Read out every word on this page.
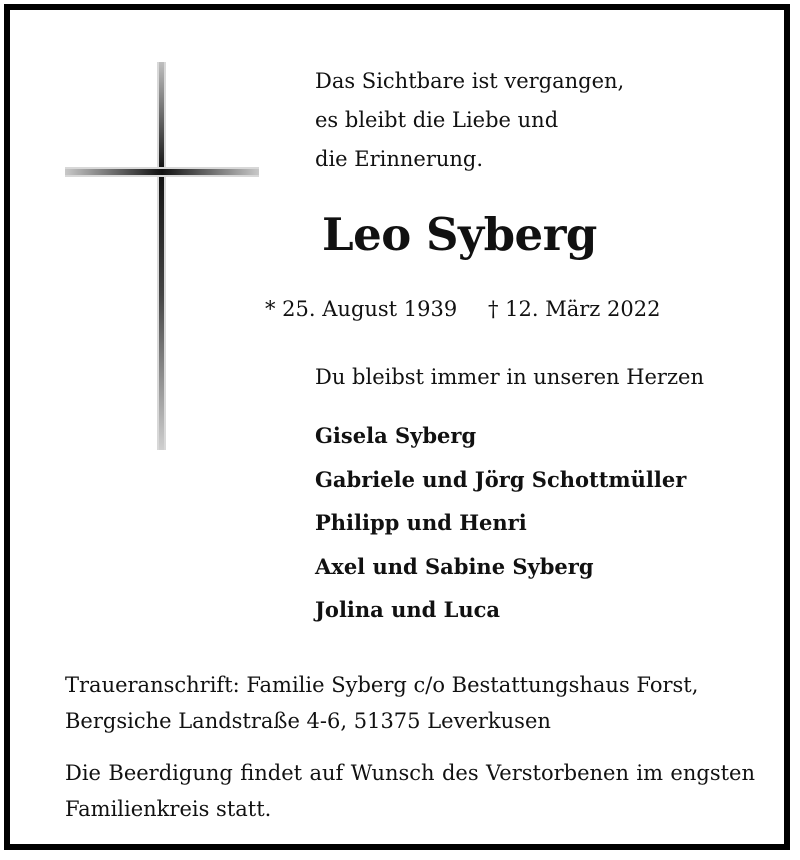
Das Sichtbare ist vergangen,
es bleibt die Liebe und
die Erinnerung.

Leo Syberg
* 25. August 1939 † 12. März 2022
Du bleibst immer in unseren Herzen
Gisela Syberg
Gabriele und Jörg Schottmüller
Philipp und Henri
Axel und Sabine Syberg
Jolina und Luca

Traueranschrift: Familie Syberg c/o Bestattungshaus Forst,
Bergsiche Landstraße 4-6, 51375 Leverkusen

Die Beerdigung findet auf Wunsch des Verstorbenen im engsten Familienkreis statt.
